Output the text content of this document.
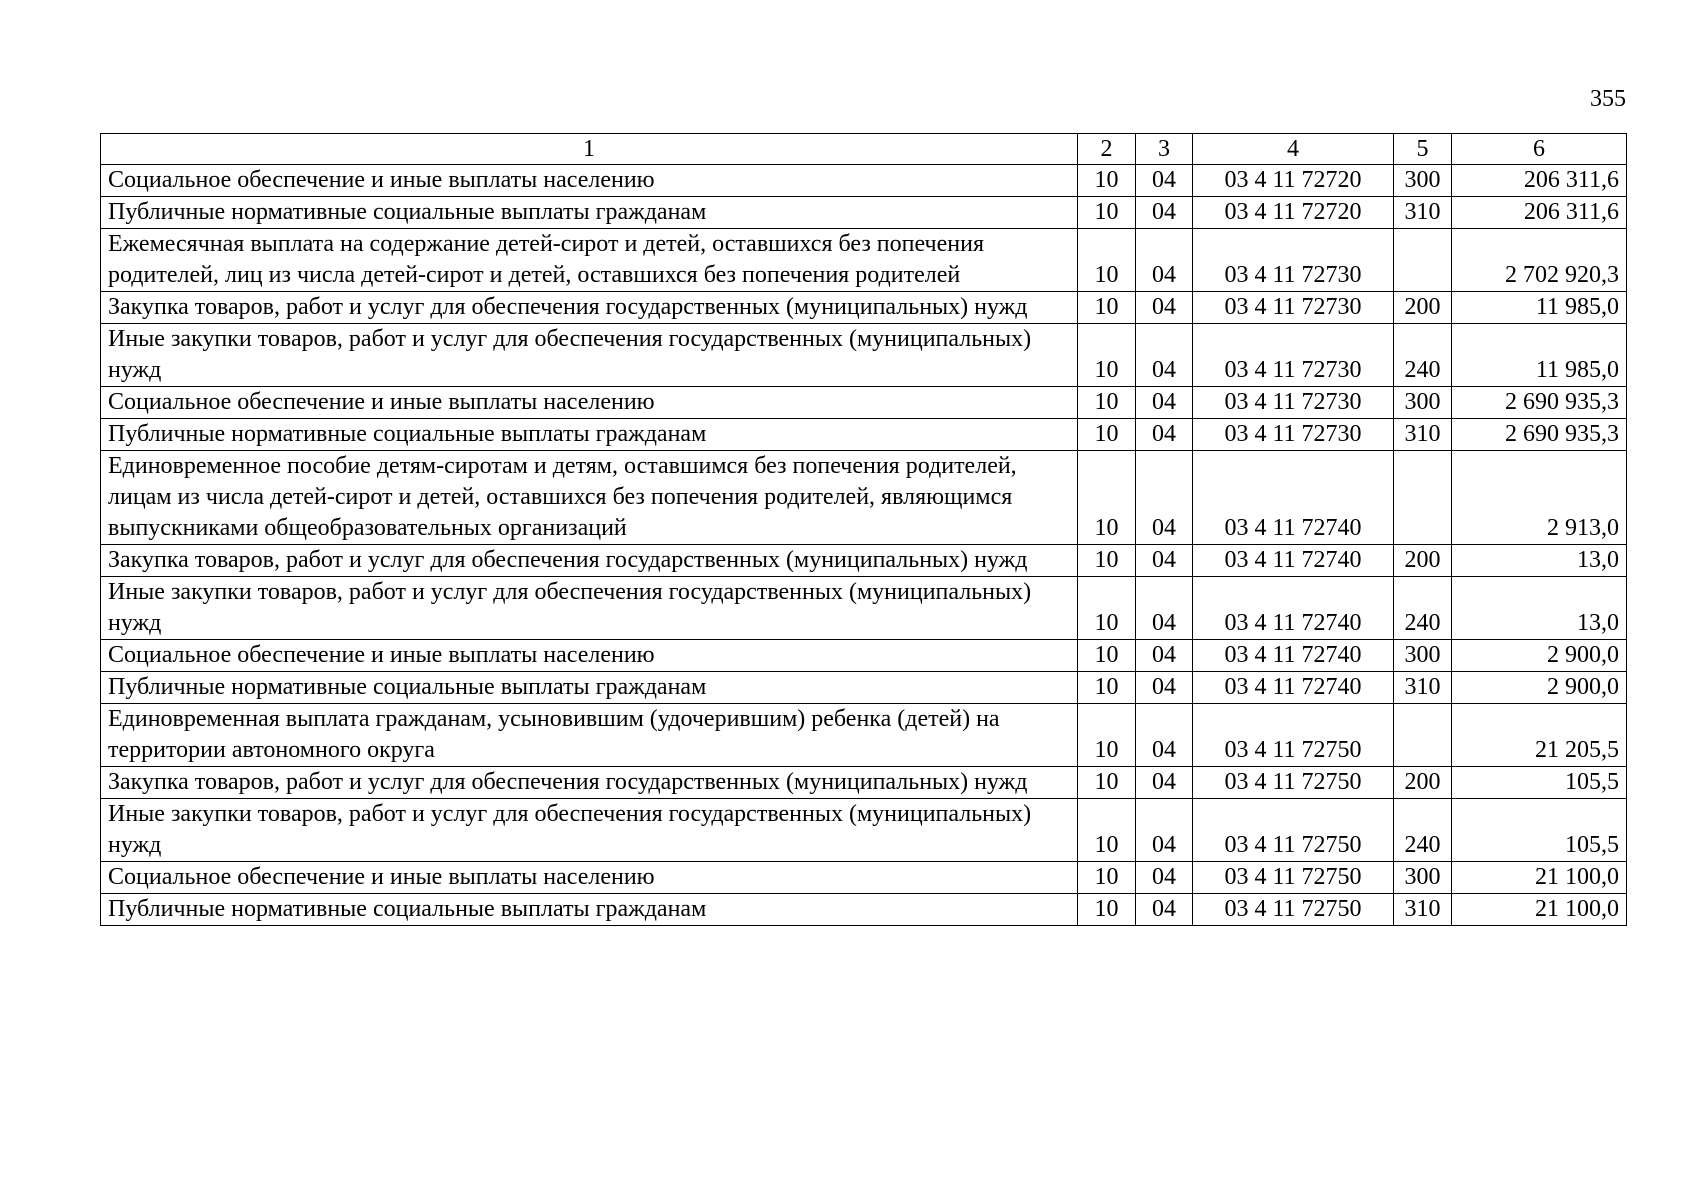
355
1	2	3	4	5	6
Социальное обеспечение и иные выплаты населению	10	04	03 4 11 72720	300	206 311,6
Публичные нормативные социальные выплаты гражданам	10	04	03 4 11 72720	310	206 311,6
Ежемесячная выплата на содержание детей-сирот и детей, оставшихся без попечения родителей, лиц из числа детей-сирот и детей, оставшихся без попечения родителей	10	04	03 4 11 72730		2 702 920,3
Закупка товаров, работ и услуг для обеспечения государственных (муниципальных) нужд	10	04	03 4 11 72730	200	11 985,0
Иные закупки товаров, работ и услуг для обеспечения государственных (муниципальных) нужд	10	04	03 4 11 72730	240	11 985,0
Социальное обеспечение и иные выплаты населению	10	04	03 4 11 72730	300	2 690 935,3
Публичные нормативные социальные выплаты гражданам	10	04	03 4 11 72730	310	2 690 935,3
Единовременное пособие детям-сиротам и детям, оставшимся без попечения родителей, лицам из числа детей-сирот и детей, оставшихся без попечения родителей, являющимся выпускниками общеобразовательных организаций	10	04	03 4 11 72740		2 913,0
Закупка товаров, работ и услуг для обеспечения государственных (муниципальных) нужд	10	04	03 4 11 72740	200	13,0
Иные закупки товаров, работ и услуг для обеспечения государственных (муниципальных) нужд	10	04	03 4 11 72740	240	13,0
Социальное обеспечение и иные выплаты населению	10	04	03 4 11 72740	300	2 900,0
Публичные нормативные социальные выплаты гражданам	10	04	03 4 11 72740	310	2 900,0
Единовременная выплата гражданам, усыновившим (удочерившим) ребенка (детей) на территории автономного округа	10	04	03 4 11 72750		21 205,5
Закупка товаров, работ и услуг для обеспечения государственных (муниципальных) нужд	10	04	03 4 11 72750	200	105,5
Иные закупки товаров, работ и услуг для обеспечения государственных (муниципальных) нужд	10	04	03 4 11 72750	240	105,5
Социальное обеспечение и иные выплаты населению	10	04	03 4 11 72750	300	21 100,0
Публичные нормативные социальные выплаты гражданам	10	04	03 4 11 72750	310	21 100,0
